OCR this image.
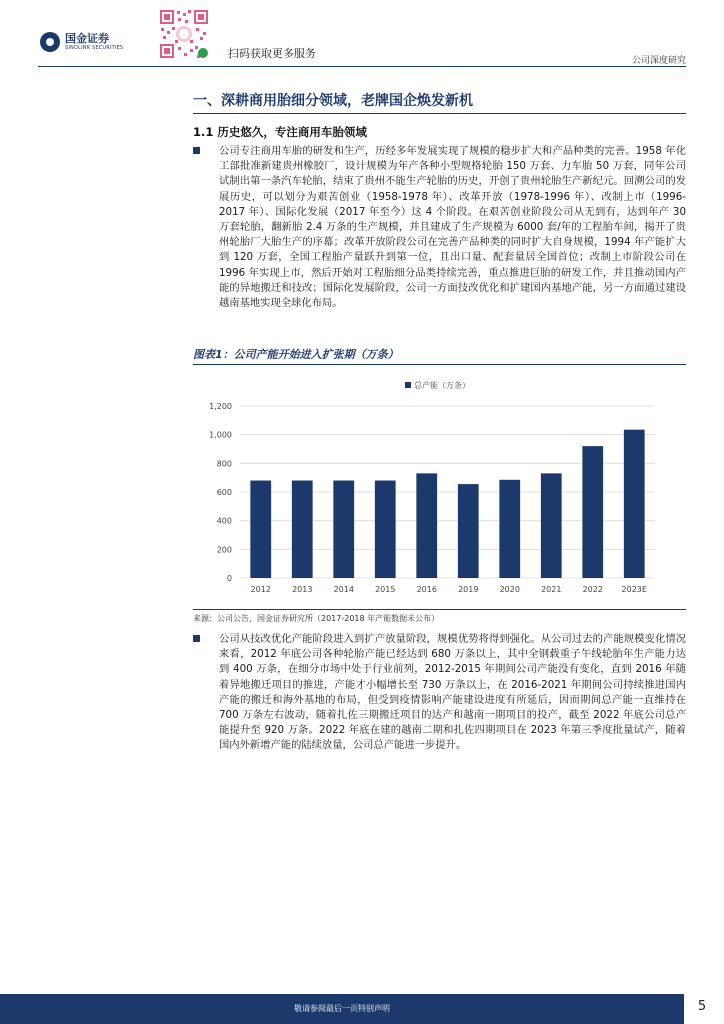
国金证券
SINOLINK SECURITIES	扫码获取更多服务
公司深度研究
一、深耕商用胎细分领域，老牌国企焕发新机
1.1 历史悠久，专注商用车胎领域
公司专注商用车胎的研发和生产，历经多年发展实现了规模的稳步扩大和产品种类的完善。1958 年化工部批准新建贵州橡胶厂，设计规模为年产各种小型规格轮胎 150 万套、力车胎 50 万套，同年公司试制出第一条汽车轮胎，结束了贵州不能生产轮胎的历史，开创了贵州轮胎生产新纪元。回溯公司的发展历史，可以划分为艰苦创业（1958-1978 年）、改革开放（1978-1996 年）、改制上市（1996-2017 年）、国际化发展（2017 年至今）这 4 个阶段。在艰苦创业阶段公司从无到有，达到年产 30 万套轮胎，翻新胎 2.4 万条的生产规模，并且建成了生产规模为 6000 套/年的工程胎车间，揭开了贵州轮胎厂大胎生产的序幕；改革开放阶段公司在完善产品种类的同时扩大自身规模，1994 年产能扩大到 120 万套，全国工程胎产量跃升到第一位，且出口量、配套量居全国首位；改制上市阶段公司在 1996 年实现上市，然后开始对工程胎细分品类持续完善，重点推进巨胎的研发工作，并且推动国内产能的异地搬迁和技改；国际化发展阶段，公司一方面技改优化和扩建国内基地产能，另一方面通过建设越南基地实现全球化布局。
图表1：公司产能开始进入扩张期（万条）
0
200
400
600
800
1,000
1,200
2012	2013	2014	2015	2016	2019	2020	2021	2022 2023E
总产能（万条）
来源：公司公告，国金证券研究所（2017-2018 年产能数据未公布）
公司从技改优化产能阶段进入到扩产放量阶段，规模优势将得到强化。从公司过去的产能规模变化情况来看，2012 年底公司各种轮胎产能已经达到 680 万条以上，其中全钢载重子午线轮胎年生产能力达到 400 万条，在细分市场中处于行业前列，2012-2015 年期间公司产能没有变化，直到 2016 年随着异地搬迁项目的推进，产能才小幅增长至 730 万条以上，在 2016-2021 年期间公司持续推进国内产能的搬迁和海外基地的布局，但受到疫情影响产能建设进度有所延后，因而期间总产能一直维持在 700 万条左右波动，随着扎佐三期搬迁项目的达产和越南一期项目的投产，截至 2022 年底公司总产能提升至 920 万条。2022 年底在建的越南二期和扎佐四期项目在 2023 年第三季度批量试产，随着国内外新增产能的陆续放量，公司总产能进一步提升。
敬请参阅最后一页特别声明	5
